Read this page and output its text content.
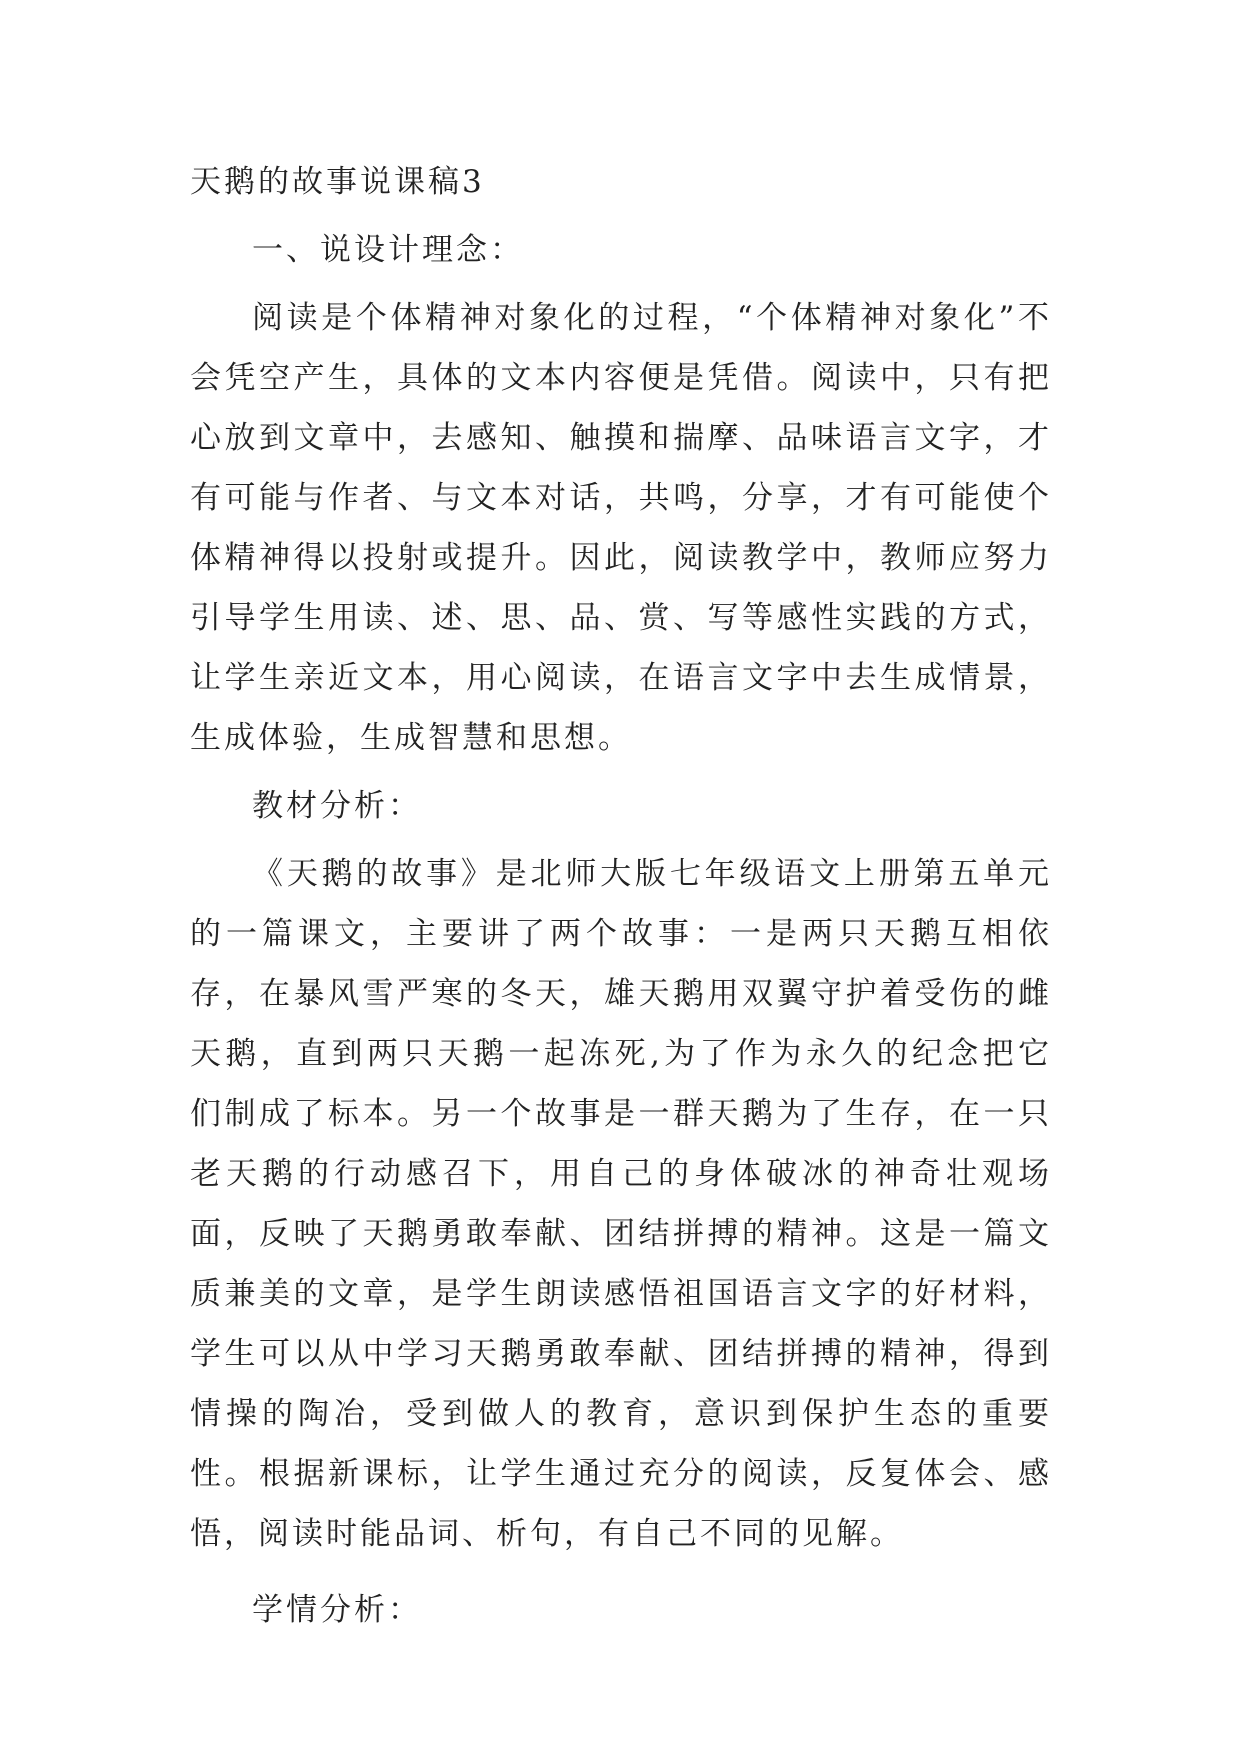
天鹅的故事说课稿3

一、说设计理念：

阅读是个体精神对象化的过程，“个体精神对象化”不会凭空产生，具体的文本内容便是凭借。阅读中，只有把心放到文章中，去感知、触摸和揣摩、品味语言文字，才有可能与作者、与文本对话，共鸣，分享，才有可能使个体精神得以投射或提升。因此，阅读教学中，教师应努力引导学生用读、述、思、品、赏、写等感性实践的方式，让学生亲近文本，用心阅读，在语言文字中去生成情景，生成体验，生成智慧和思想。

教材分析：

《天鹅的故事》是北师大版七年级语文上册第五单元的一篇课文，主要讲了两个故事：一是两只天鹅互相依存，在暴风雪严寒的冬天，雄天鹅用双翼守护着受伤的雌天鹅，直到两只天鹅一起冻死,为了作为永久的纪念把它们制成了标本。另一个故事是一群天鹅为了生存，在一只老天鹅的行动感召下，用自己的身体破冰的神奇壮观场面，反映了天鹅勇敢奉献、团结拼搏的精神。这是一篇文质兼美的文章，是学生朗读感悟祖国语言文字的好材料，学生可以从中学习天鹅勇敢奉献、团结拼搏的精神，得到情操的陶冶，受到做人的教育，意识到保护生态的重要性。根据新课标，让学生通过充分的阅读，反复体会、感悟，阅读时能品词、析句，有自己不同的见解。

学情分析：
